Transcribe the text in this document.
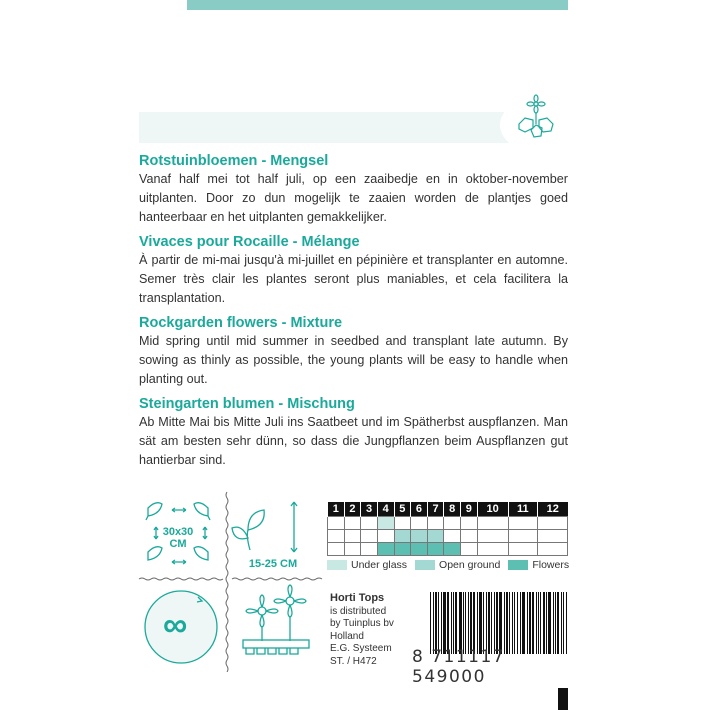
Rotstuinbloemen - Mengsel

Vanaf half mei tot half juli, op een zaaibedje en in oktober-november uitplanten. Door zo dun mogelijk te zaaien worden de plantjes goed hanteerbaar en het uitplanten gemakkelijker.

Vivaces pour Rocaille - Mélange

À partir de mi-mai jusqu'à mi-juillet en pépinière et transplanter en automne. Semer très clair les plantes seront plus maniables, et cela facilitera la transplantation.

Rockgarden flowers - Mixture

Mid spring until mid summer in seedbed and transplant late autumn. By sowing as thinly as possible, the young plants will be easy to handle when planting out.

Steingarten blumen - Mischung

Ab Mitte Mai bis Mitte Juli ins Saatbeet und im Spätherbst auspflanzen. Man sät am besten sehr dünn, so dass die Jungpflanzen beim Auspflanzen gut hantierbar sind.

30x30
CM
15-25 CM
∞
1	2	3	4	5	6	7	8	9	10	11	12

Under glass	Open ground	Flowers
Horti Tops
is distributed
by Tuinplus bv
Holland
E.G. Systeem
ST. / H472	8 711117 549000
